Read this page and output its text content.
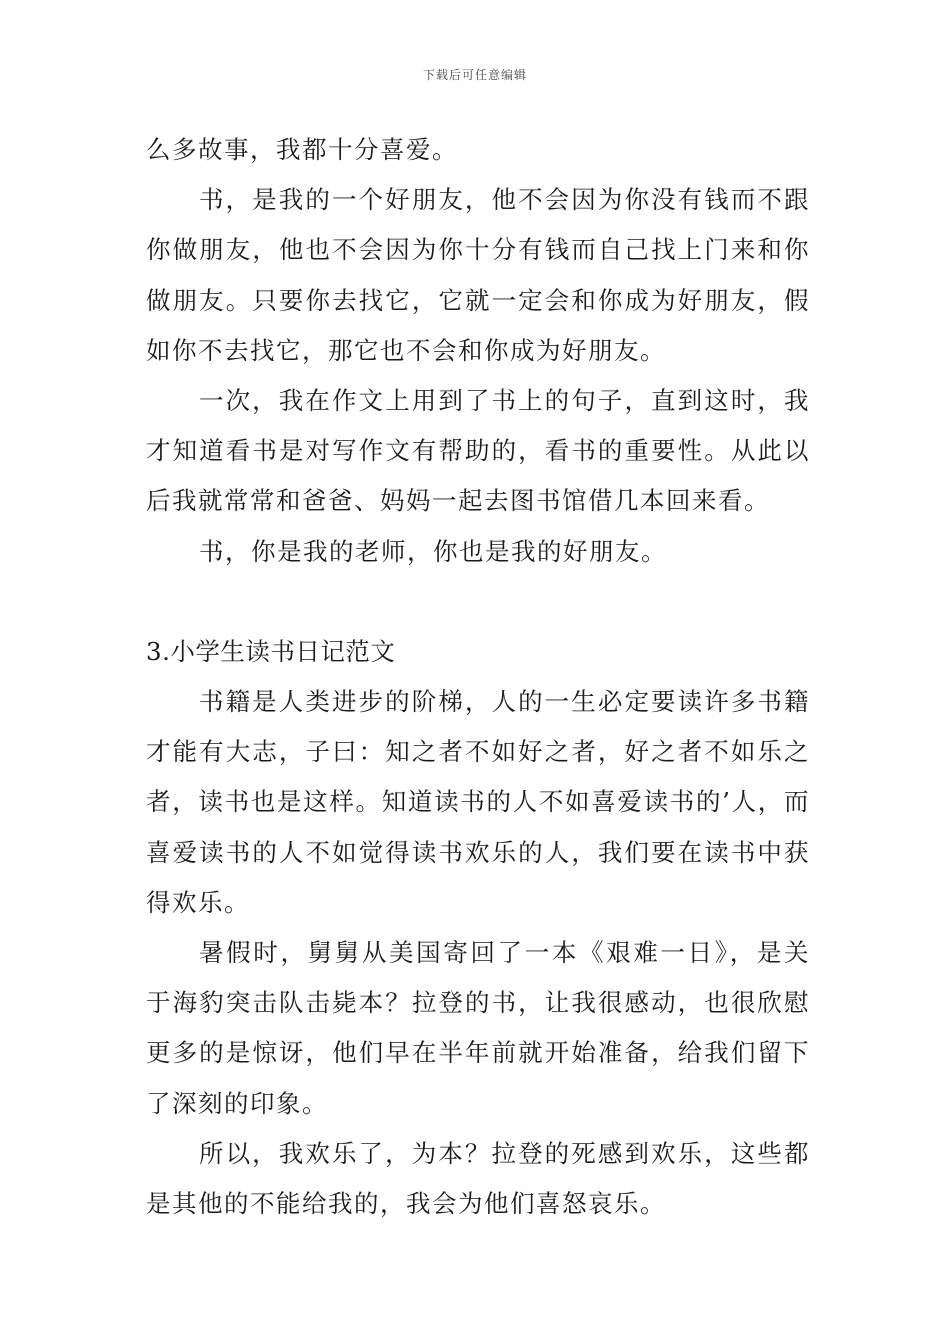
下载后可任意编辑

么多故事，我都十分喜爱。

书，是我的一个好朋友，他不会因为你没有钱而不跟你做朋友，他也不会因为你十分有钱而自己找上门来和你做朋友。只要你去找它，它就一定会和你成为好朋友，假如你不去找它，那它也不会和你成为好朋友。

一次，我在作文上用到了书上的句子，直到这时，我才知道看书是对写作文有帮助的，看书的重要性。从此以后我就常常和爸爸、妈妈一起去图书馆借几本回来看。

书，你是我的老师，你也是我的好朋友。

3.小学生读书日记范文

书籍是人类进步的阶梯，人的一生必定要读许多书籍才能有大志，子曰：知之者不如好之者，好之者不如乐之者，读书也是这样。知道读书的人不如喜爱读书的’人，而喜爱读书的人不如觉得读书欢乐的人，我们要在读书中获得欢乐。

暑假时，舅舅从美国寄回了一本《艰难一日》，是关于海豹突击队击毙本？拉登的书，让我很感动，也很欣慰更多的是惊讶，他们早在半年前就开始准备，给我们留下了深刻的印象。

所以，我欢乐了，为本？拉登的死感到欢乐，这些都是其他的不能给我的，我会为他们喜怒哀乐。
